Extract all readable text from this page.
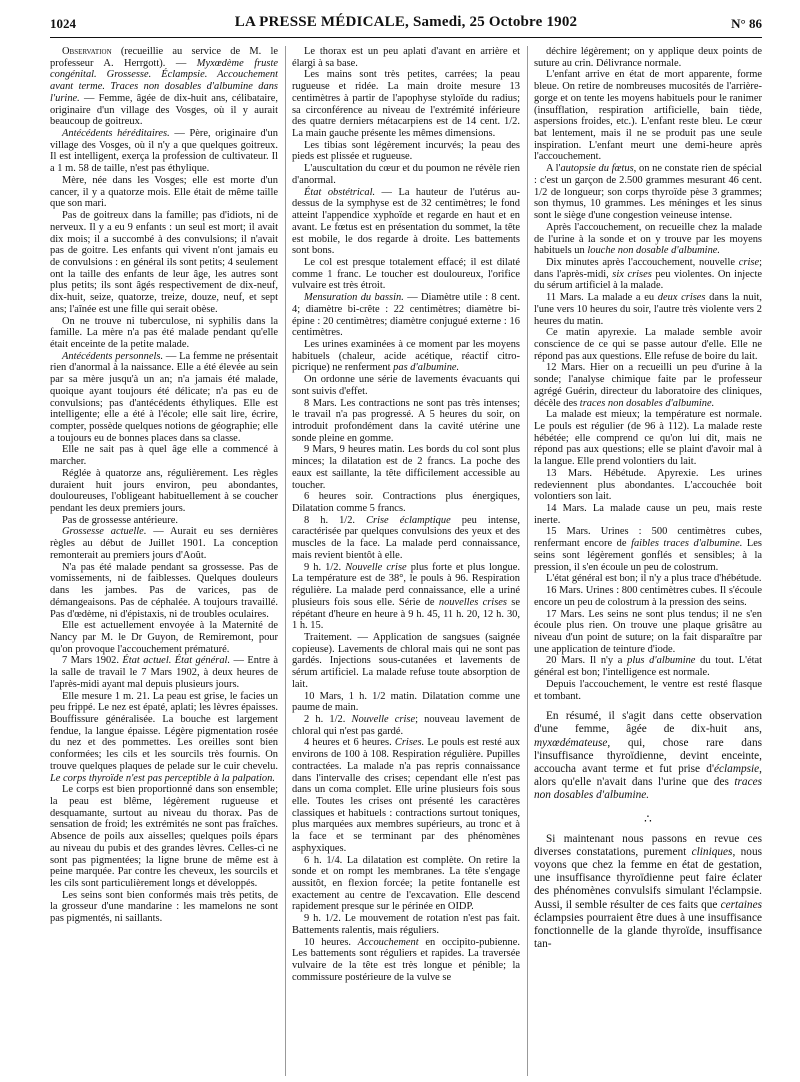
1024	LA PRESSE MÉDICALE, Samedi, 25 Octobre 1902	N° 86

Observation (recueillie au service de M. le professeur A. Herrgott). — Myxœdème fruste congénital. Grossesse. Éclampsie. Accouchement avant terme. Traces non dosables d'albumine dans l'urine. — Femme, âgée de dix-huit ans, célibataire, originaire d'un village des Vosges, où il y aurait beaucoup de goitreux.

Antécédents héréditaires. — Père, originaire d'un village des Vosges, où il n'y a que quelques goitreux. Il est intelligent, exerça la profession de cultivateur. Il a 1 m. 58 de taille, n'est pas éthylique.

Mère, née dans les Vosges; elle est morte d'un cancer, il y a quatorze mois. Elle était de même taille que son mari.

Pas de goitreux dans la famille; pas d'idiots, ni de nerveux. Il y a eu 9 enfants : un seul est mort; il avait dix mois; il a succombé à des convulsions; il n'avait pas de goitre. Les enfants qui vivent n'ont jamais eu de convulsions : en général ils sont petits; 4 seulement ont la taille des enfants de leur âge, les autres sont plus petits; ils sont âgés respectivement de dix-neuf, dix-huit, seize, quatorze, treize, douze, neuf, et sept ans; l'aînée est une fille qui serait obèse.

On ne trouve ni tuberculose, ni syphilis dans la famille. La mère n'a pas été malade pendant qu'elle était enceinte de la petite malade.

Antécédents personnels. — La femme ne présentait rien d'anormal à la naissance. Elle a été élevée au sein par sa mère jusqu'à un an; n'a jamais été malade, quoique ayant toujours été délicate; n'a pas eu de convulsions; pas d'antécédents éthyliques. Elle est intelligente; elle a été à l'école; elle sait lire, écrire, compter, possède quelques notions de géographie; elle a toujours eu de bonnes places dans sa classe.

Elle ne sait pas à quel âge elle a commencé à marcher.

Réglée à quatorze ans, régulièrement. Les règles duraient huit jours environ, peu abondantes, douloureuses, l'obligeant habituellement à se coucher pendant les deux premiers jours.

Pas de grossesse antérieure.

Grossesse actuelle. — Aurait eu ses dernières règles au début de Juillet 1901. La conception remonterait au premiers jours d'Août.

N'a pas été malade pendant sa grossesse. Pas de vomissements, ni de faiblesses. Quelques douleurs dans les jambes. Pas de varices, pas de démangeaisons. Pas de céphalée. A toujours travaillé. Pas d'œdème, ni d'épistaxis, ni de troubles oculaires.

Elle est actuellement envoyée à la Maternité de Nancy par M. le Dr Guyon, de Remiremont, pour qu'on provoque l'accouchement prématuré.

7 Mars 1902. État actuel. État général. — Entre à la salle de travail le 7 Mars 1902, à deux heures de l'après-midi ayant mal depuis plusieurs jours.

Elle mesure 1 m. 21. La peau est grise, le facies un peu frippé. Le nez est épaté, aplati; les lèvres épaisses. Bouffissure généralisée. La bouche est largement fendue, la langue épaisse. Légère pigmentation rosée du nez et des pommettes. Les oreilles sont bien conformées; les cils et les sourcils très fournis. On trouve quelques plaques de pelade sur le cuir chevelu. Le corps thyroïde n'est pas perceptible à la palpation.

Le corps est bien proportionné dans son ensemble; la peau est blême, légèrement rugueuse et desquamante, surtout au niveau du thorax. Pas de sensation de froid; les extrémités ne sont pas fraîches. Absence de poils aux aisselles; quelques poils épars au niveau du pubis et des grandes lèvres. Celles-ci ne sont pas pigmentées; la ligne brune de même est à peine marquée. Par contre les cheveux, les sourcils et les cils sont particulièrement longs et développés.

Les seins sont bien conformés mais très petits, de la grosseur d'une mandarine : les mamelons ne sont pas pigmentés, ni saillants.

Le thorax est un peu aplati d'avant en arrière et élargi à sa base.

Les mains sont très petites, carrées; la peau rugueuse et ridée. La main droite mesure 13 centimètres à partir de l'apophyse styloïde du radius; sa circonférence au niveau de l'extrémité inférieure des quatre derniers métacarpiens est de 14 cent. 1/2. La main gauche présente les mêmes dimensions.

Les tibias sont légèrement incurvés; la peau des pieds est plissée et rugueuse.

L'auscultation du cœur et du poumon ne révèle rien d'anormal.

État obstétrical. — La hauteur de l'utérus au-dessus de la symphyse est de 32 centimètres; le fond atteint l'appendice xyphoïde et regarde en haut et en avant. Le fœtus est en présentation du sommet, la tête est mobile, le dos regarde à droite. Les battements sont bons.

Le col est presque totalement effacé; il est dilaté comme 1 franc. Le toucher est douloureux, l'orifice vulvaire est très étroit.

Mensuration du bassin. — Diamètre utile : 8 cent. 4; diamètre bi-crête : 22 centimètres; diamètre bi-épine : 20 centimètres; diamètre conjugué externe : 16 centimètres.

Les urines examinées à ce moment par les moyens habituels (chaleur, acide acétique, réactif citro-picrique) ne renferment pas d'albumine.

On ordonne une série de lavements évacuants qui sont suivis d'effet.

8 Mars. Les contractions ne sont pas très intenses; le travail n'a pas progressé. A 5 heures du soir, on introduit profondément dans la cavité utérine une sonde pleine en gomme.

9 Mars, 9 heures matin. Les bords du col sont plus minces; la dilatation est de 2 francs. La poche des eaux est saillante, la tête difficilement accessible au toucher.

6 heures soir. Contractions plus énergiques, Dilatation comme 5 francs.

8 h. 1/2. Crise éclamptique peu intense, caractérisée par quelques convulsions des yeux et des muscles de la face. La malade perd connaissance, mais revient bientôt à elle.

9 h. 1/2. Nouvelle crise plus forte et plus longue. La température est de 38°, le pouls à 96. Respiration régulière. La malade perd connaissance, elle a uriné plusieurs fois sous elle. Série de nouvelles crises se répétant d'heure en heure à 9 h. 45, 11 h. 20, 12 h. 30, 1 h. 15.

Traitement. — Application de sangsues (saignée copieuse). Lavements de chloral mais qui ne sont pas gardés. Injections sous-cutanées et lavements de sérum artificiel. La malade refuse toute absorption de lait.

10 Mars, 1 h. 1/2 matin. Dilatation comme une paume de main.

2 h. 1/2. Nouvelle crise; nouveau lavement de chloral qui n'est pas gardé.

4 heures et 6 heures. Crises. Le pouls est resté aux environs de 100 à 108. Respiration régulière. Pupilles contractées. La malade n'a pas repris connaissance dans l'intervalle des crises; cependant elle n'est pas dans un coma complet. Elle urine plusieurs fois sous elle. Toutes les crises ont présenté les caractères classiques et habituels : contractions surtout toniques, plus marquées aux membres supérieurs, au tronc et à la face et se terminant par des phénomènes asphyxiques.

6 h. 1/4. La dilatation est complète. On retire la sonde et on rompt les membranes. La tête s'engage aussitôt, en flexion forcée; la petite fontanelle est exactement au centre de l'excavation. Elle descend rapidement presque sur le périnée en OIDP.

9 h. 1/2. Le mouvement de rotation n'est pas fait. Battements ralentis, mais réguliers.

10 heures. Accouchement en occipito-pubienne. Les battements sont réguliers et rapides. La traversée vulvaire de la tête est très longue et pénible; la commissure postérieure de la vulve se

déchire légèrement; on y applique deux points de suture au crin. Délivrance normale.

L'enfant arrive en état de mort apparente, forme bleue. On retire de nombreuses mucosités de l'arrière-gorge et on tente les moyens habituels pour le ranimer (insufflation, respiration artificielle, bain tiède, aspersions froides, etc.). L'enfant reste bleu. Le cœur bat lentement, mais il ne se produit pas une seule inspiration. L'enfant meurt une demi-heure après l'accouchement.

A l'autopsie du fœtus, on ne constate rien de spécial : c'est un garçon de 2.500 grammes mesurant 46 cent. 1/2 de longueur; son corps thyroïde pèse 3 grammes; son thymus, 10 grammes. Les méninges et les sinus sont le siège d'une congestion veineuse intense.

Après l'accouchement, on recueille chez la malade de l'urine à la sonde et on y trouve par les moyens habituels un louche non dosable d'albumine.

Dix minutes après l'accouchement, nouvelle crise; dans l'après-midi, six crises peu violentes. On injecte du sérum artificiel à la malade.

11 Mars. La malade a eu deux crises dans la nuit, l'une vers 10 heures du soir, l'autre très violente vers 2 heures du matin.

Ce matin apyrexie. La malade semble avoir conscience de ce qui se passe autour d'elle. Elle ne répond pas aux questions. Elle refuse de boire du lait.

12 Mars. Hier on a recueilli un peu d'urine à la sonde; l'analyse chimique faite par le professeur agrégé Guérin, directeur du laboratoire des cliniques, décèle des traces non dosables d'albumine.

La malade est mieux; la température est normale. Le pouls est régulier (de 96 à 112). La malade reste hébétée; elle comprend ce qu'on lui dit, mais ne répond pas aux questions; elle se plaint d'avoir mal à la langue. Elle prend volontiers du lait.

13 Mars. Hébétude. Apyrexie. Les urines redeviennent plus abondantes. L'accouchée boit volontiers son lait.

14 Mars. La malade cause un peu, mais reste inerte.

15 Mars. Urines : 500 centimètres cubes, renfermant encore de faibles traces d'albumine. Les seins sont légèrement gonflés et sensibles; à la pression, il s'en écoule un peu de colostrum.

L'état général est bon; il n'y a plus trace d'hébétude.

16 Mars. Urines : 800 centimètres cubes. Il s'écoule encore un peu de colostrum à la pression des seins.

17 Mars. Les seins ne sont plus tendus; il ne s'en écoule plus rien. On trouve une plaque grisâtre au niveau d'un point de suture; on la fait disparaître par une application de teinture d'iode.

20 Mars. Il n'y a plus d'albumine du tout. L'état général est bon; l'intelligence est normale.

Depuis l'accouchement, le ventre est resté flasque et tombant.

En résumé, il s'agit dans cette observation d'une femme, âgée de dix-huit ans, myxœdémateuse, qui, chose rare dans l'insuffisance thyroïdienne, devint enceinte, accoucha avant terme et fut prise d'éclampsie, alors qu'elle n'avait dans l'urine que des traces non dosables d'albumine.

∴

Si maintenant nous passons en revue ces diverses constatations, purement cliniques, nous voyons que chez la femme en état de gestation, une insuffisance thyroïdienne peut faire éclater des phénomènes convulsifs simulant l'éclampsie. Aussi, il semble résulter de ces faits que certaines éclampsies pourraient être dues à une insuffisance fonctionnelle de la glande thyroïde, insuffisance tan-
